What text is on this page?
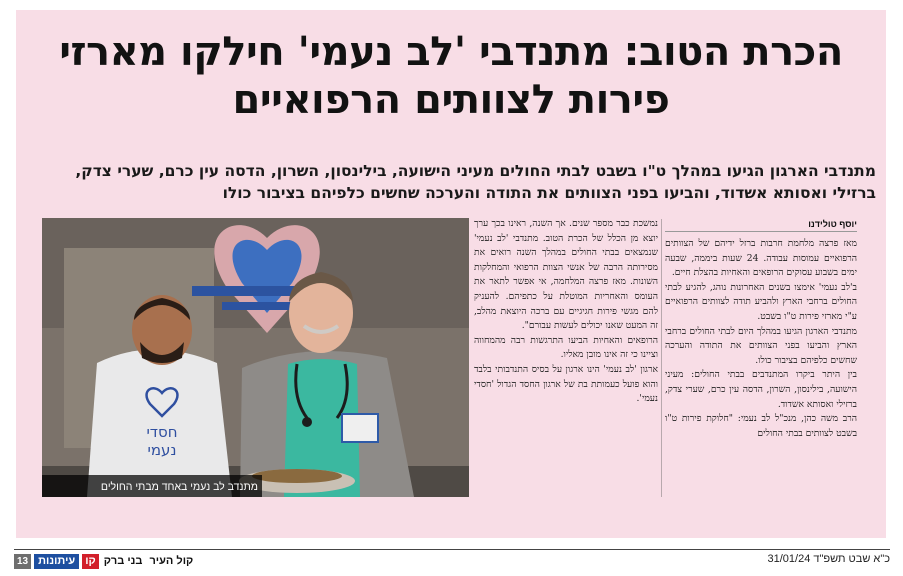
הכרת הטוב: מתנדבי 'לב נעמי' חילקו מארזי
פירות לצוותים הרפואיים
מתנדבי הארגון הגיעו במהלך ט"ו בשבט לבתי החולים מעיני הישועה, בילינסון, השרון, הדסה עין כרם, שערי צדק, ברזילי ואסותא אשדוד, והביעו בפני הצוותים את התודה והערכה שחשים כלפיהם בציבור כולו
יוסף טולידנו

מאז פרצה מלחמת חרבות ברזל ידיהם של הצוותים הרפואיים עמוסות עבודה. 24 שעות ביממה, שבעה ימים בשבוע עסוקים הרופאים והאחיות בהצלת חיים.

ב'לב נעמי' אימצו בשנים האחרונות נוהג, להגיע לבתי החולים ברחבי הארץ ולהביע תודה לצוותים הרפואיים ע"י מארזי פירות ט"ו בשבט.

מתנדבי הארגון הגיעו במהלך היום לבתי החולים ברחבי הארץ והביעו בפני הצוותים את התודה והערכה שחשים כלפיהם בציבור כולו.

בין היתר ביקרו המתנדבים בבתי החולים: מעיני הישועה, בילינסון, השרון, הדסה עין כרם, שערי צדק, ברזילי ואסותא אשדוד.

הרב משה כהן, מנכ"ל לב נעמי: "חלוקת פירות ט"ו בשבט לצוותים בבתי החולים

נמשכת כבר מספר שנים. אך השנה, ראינו בכך ערך יוצא מן הכלל של הכרת הטוב. מתנדבי 'לב נעמי' שנמצאים בבתי החולים במהלך השנה רואים את מסירותה הרבה של אנשי הצוות הרפואי והמחלקות השונות. מאז פרצה המלחמה, אי אפשר לתאר את העומס והאחריות המוטלת על כתפיהם. להעניק להם מגשי פירות חגיגיים עם ברכה היוצאת מהלב, זה המעט שאנו יכולים לעשות עבורם".

הרופאים והאחיות הביעו התרגשות רבה מהמחווה וציינו כי זה אינו מובן מאליו.

ארגון 'לב נעמי' הינו ארגון על בסיס התנדבותי בלבד והוא פועל כעמותת בת של ארגון החסד הגדול 'חסדי נעמי'.

חסדי
נעמי
מתנדב לב נעמי באחד מבתי החולים
13 עיתונות קו בני ברק קול העיר	כ"א שבט תשפ"ד 31/01/24
